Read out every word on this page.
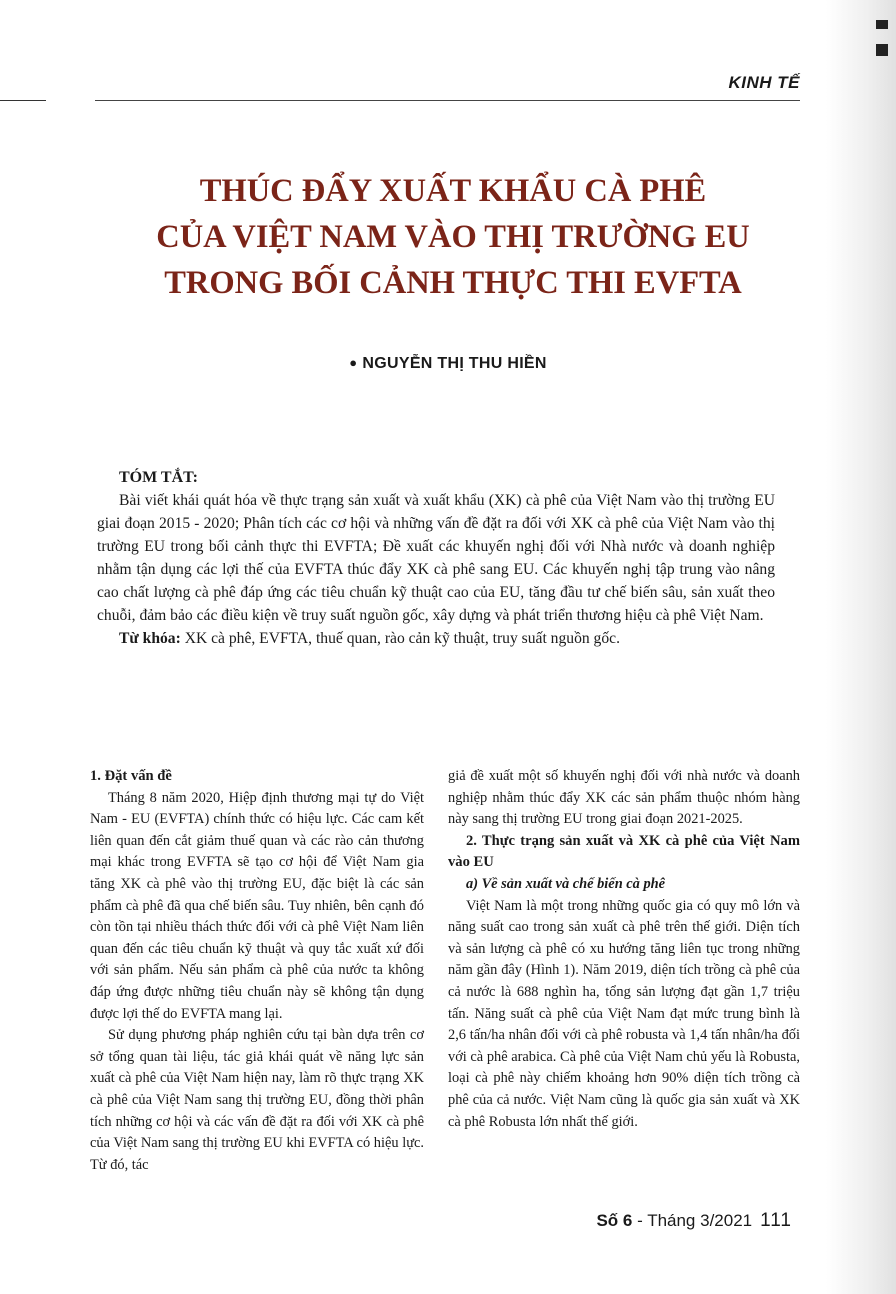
KINH TẾ
THÚC ĐẨY XUẤT KHẨU CÀ PHÊ
CỦA VIỆT NAM VÀO THỊ TRƯỜNG EU
TRONG BỐI CẢNH THỰC THI EVFTA
● NGUYỄN THỊ THU HIỀN
TÓM TẮT:

Bài viết khái quát hóa về thực trạng sản xuất và xuất khẩu (XK) cà phê của Việt Nam vào thị trường EU giai đoạn 2015 - 2020; Phân tích các cơ hội và những vấn đề đặt ra đối với XK cà phê của Việt Nam vào thị trường EU trong bối cảnh thực thi EVFTA; Đề xuất các khuyến nghị đối với Nhà nước và doanh nghiệp nhằm tận dụng các lợi thế của EVFTA thúc đẩy XK cà phê sang EU. Các khuyến nghị tập trung vào nâng cao chất lượng cà phê đáp ứng các tiêu chuẩn kỹ thuật cao của EU, tăng đầu tư chế biến sâu, sản xuất theo chuỗi, đảm bảo các điều kiện về truy suất nguồn gốc, xây dựng và phát triển thương hiệu cà phê Việt Nam.

Từ khóa: XK cà phê, EVFTA, thuế quan, rào cản kỹ thuật, truy suất nguồn gốc.

1. Đặt vấn đề

Tháng 8 năm 2020, Hiệp định thương mại tự do Việt Nam - EU (EVFTA) chính thức có hiệu lực. Các cam kết liên quan đến cắt giảm thuế quan và các rào cản thương mại khác trong EVFTA sẽ tạo cơ hội để Việt Nam gia tăng XK cà phê vào thị trường EU, đặc biệt là các sản phẩm cà phê đã qua chế biến sâu. Tuy nhiên, bên cạnh đó còn tồn tại nhiều thách thức đối với cà phê Việt Nam liên quan đến các tiêu chuẩn kỹ thuật và quy tắc xuất xứ đối với sản phẩm. Nếu sản phẩm cà phê của nước ta không đáp ứng được những tiêu chuẩn này sẽ không tận dụng được lợi thế do EVFTA mang lại.

Sử dụng phương pháp nghiên cứu tại bàn dựa trên cơ sở tổng quan tài liệu, tác giả khái quát về năng lực sản xuất cà phê của Việt Nam hiện nay, làm rõ thực trạng XK cà phê của Việt Nam sang thị trường EU, đồng thời phân tích những cơ hội và các vấn đề đặt ra đối với XK cà phê của Việt Nam sang thị trường EU khi EVFTA có hiệu lực. Từ đó, tác

giả đề xuất một số khuyến nghị đối với nhà nước và doanh nghiệp nhằm thúc đẩy XK các sản phẩm thuộc nhóm hàng này sang thị trường EU trong giai đoạn 2021-2025.

2. Thực trạng sản xuất và XK cà phê của Việt Nam vào EU

a) Về sản xuất và chế biến cà phê

Việt Nam là một trong những quốc gia có quy mô lớn và năng suất cao trong sản xuất cà phê trên thế giới. Diện tích và sản lượng cà phê có xu hướng tăng liên tục trong những năm gần đây (Hình 1). Năm 2019, diện tích trồng cà phê của cả nước là 688 nghìn ha, tổng sản lượng đạt gần 1,7 triệu tấn. Năng suất cà phê của Việt Nam đạt mức trung bình là 2,6 tấn/ha nhân đối với cà phê robusta và 1,4 tấn nhân/ha đối với cà phê arabica. Cà phê của Việt Nam chủ yếu là Robusta, loại cà phê này chiếm khoảng hơn 90% diện tích trồng cà phê của cả nước. Việt Nam cũng là quốc gia sản xuất và XK cà phê Robusta lớn nhất thế giới.

Số 6 - Tháng 3/2021 111
